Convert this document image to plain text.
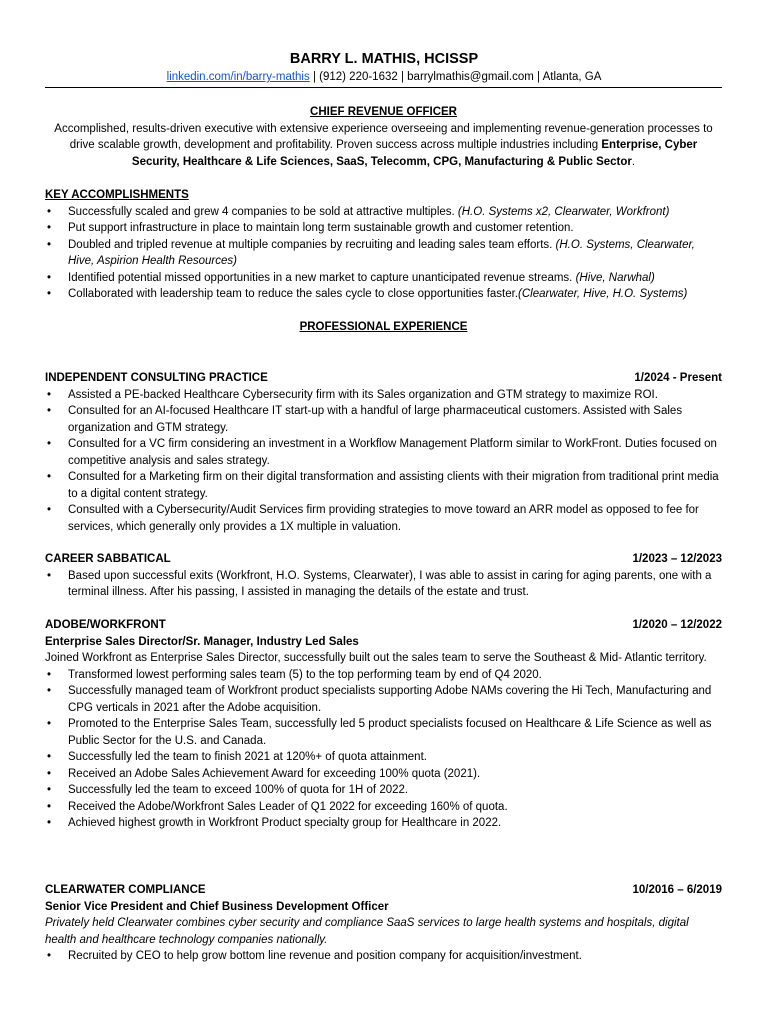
BARRY L. MATHIS, HCISSP
linkedin.com/in/barry-mathis | (912) 220-1632 | barrylmathis@gmail.com | Atlanta, GA
CHIEF REVENUE OFFICER
Accomplished, results-driven executive with extensive experience overseeing and implementing revenue-generation processes to drive scalable growth, development and profitability. Proven success across multiple industries including Enterprise, Cyber Security, Healthcare & Life Sciences, SaaS, Telecomm, CPG, Manufacturing & Public Sector.
KEY ACCOMPLISHMENTS
• Successfully scaled and grew 4 companies to be sold at attractive multiples. (H.O. Systems x2, Clearwater, Workfront)
• Put support infrastructure in place to maintain long term sustainable growth and customer retention.
• Doubled and tripled revenue at multiple companies by recruiting and leading sales team efforts. (H.O. Systems, Clearwater, Hive, Aspirion Health Resources)
• Identified potential missed opportunities in a new market to capture unanticipated revenue streams. (Hive, Narwhal)
• Collaborated with leadership team to reduce the sales cycle to close opportunities faster.(Clearwater, Hive, H.O. Systems)
PROFESSIONAL EXPERIENCE
INDEPENDENT CONSULTING PRACTICE	1/2024 - Present
• Assisted a PE-backed Healthcare Cybersecurity firm with its Sales organization and GTM strategy to maximize ROI.
• Consulted for an AI-focused Healthcare IT start-up with a handful of large pharmaceutical customers. Assisted with Sales organization and GTM strategy.
• Consulted for a VC firm considering an investment in a Workflow Management Platform similar to WorkFront. Duties focused on competitive analysis and sales strategy.
• Consulted for a Marketing firm on their digital transformation and assisting clients with their migration from traditional print media to a digital content strategy.
• Consulted with a Cybersecurity/Audit Services firm providing strategies to move toward an ARR model as opposed to fee for services, which generally only provides a 1X multiple in valuation.
CAREER SABBATICAL	1/2023 – 12/2023
• Based upon successful exits (Workfront, H.O. Systems, Clearwater), I was able to assist in caring for aging parents, one with a terminal illness. After his passing, I assisted in managing the details of the estate and trust.
ADOBE/WORKFRONT	1/2020 – 12/2022
Enterprise Sales Director/Sr. Manager, Industry Led Sales
Joined Workfront as Enterprise Sales Director, successfully built out the sales team to serve the Southeast & Mid- Atlantic territory.
• Transformed lowest performing sales team (5) to the top performing team by end of Q4 2020.
• Successfully managed team of Workfront product specialists supporting Adobe NAMs covering the Hi Tech, Manufacturing and CPG verticals in 2021 after the Adobe acquisition.
• Promoted to the Enterprise Sales Team, successfully led 5 product specialists focused on Healthcare & Life Science as well as Public Sector for the U.S. and Canada.
• Successfully led the team to finish 2021 at 120%+ of quota attainment.
• Received an Adobe Sales Achievement Award for exceeding 100% quota (2021).
• Successfully led the team to exceed 100% of quota for 1H of 2022.
• Received the Adobe/Workfront Sales Leader of Q1 2022 for exceeding 160% of quota.
• Achieved highest growth in Workfront Product specialty group for Healthcare in 2022.
CLEARWATER COMPLIANCE	10/2016 – 6/2019
Senior Vice President and Chief Business Development Officer
Privately held Clearwater combines cyber security and compliance SaaS services to large health systems and hospitals, digital health and healthcare technology companies nationally.
• Recruited by CEO to help grow bottom line revenue and position company for acquisition/investment.
